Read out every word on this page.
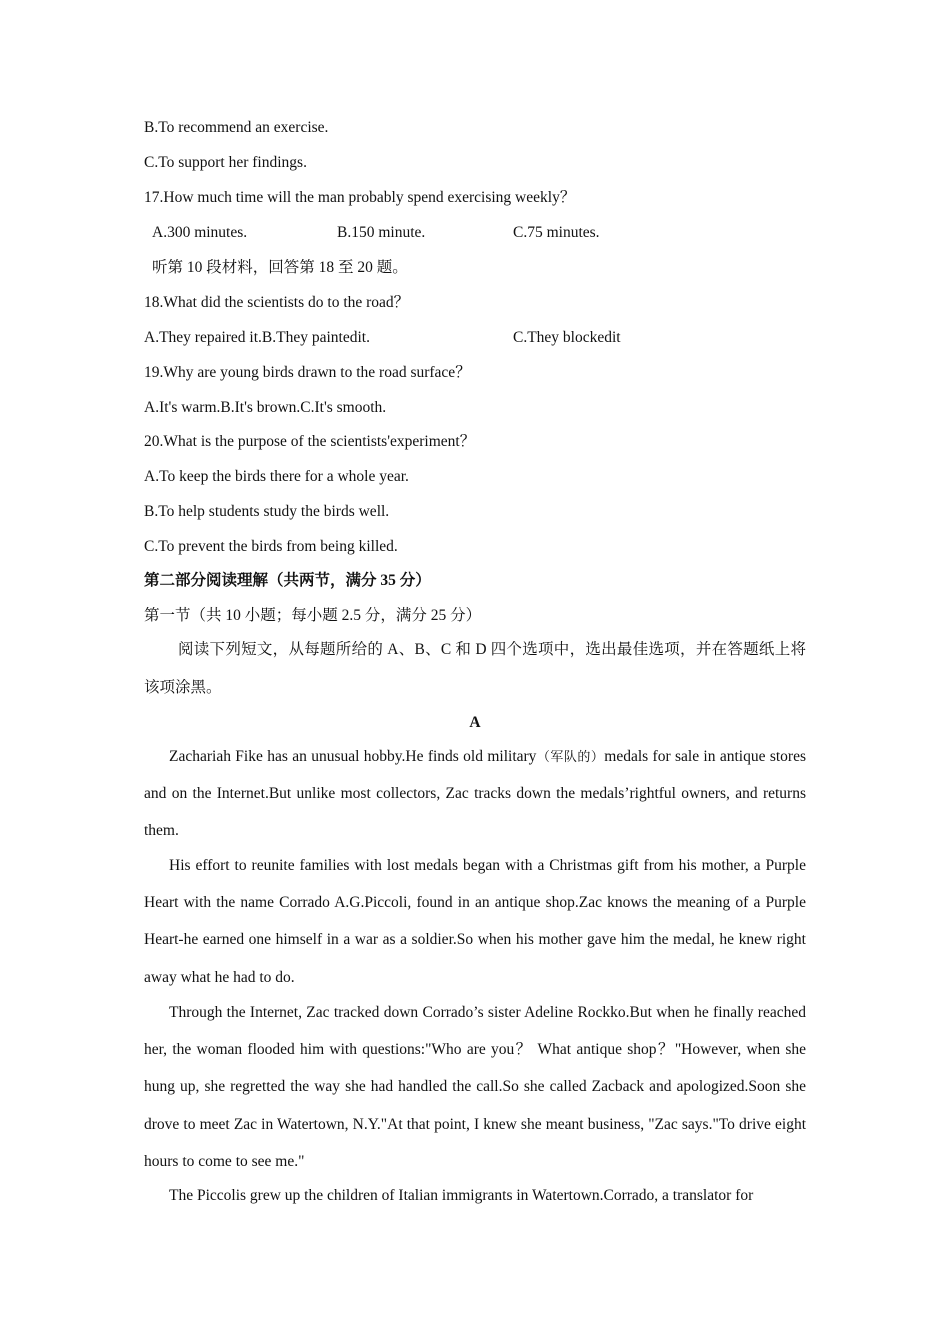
B.To recommend an exercise.
C.To support her findings.
17.How much time will the man probably spend exercising weekly？
A.300 minutes.	B.150 minute.	C.75 minutes.
听第 10 段材料，回答第 18 至 20 题。
18.What did the scientists do to the road？
A.They repaired it.B.They paintedit.	C.They blockedit
19.Why are young birds drawn to the road surface？
A.It's warm.B.It's brown.C.It's smooth.
20.What is the purpose of the scientists'experiment？
A.To keep the birds there for a whole year.
B.To help students study the birds well.
C.To prevent the birds from being killed.
第二部分阅读理解（共两节，满分 35 分）
第一节（共 10 小题；每小题 2.5 分，满分 25 分）

阅读下列短文，从每题所给的 A、B、C 和 D 四个选项中，选出最佳选项，并在答题纸上将该项涂黑。

A

Zachariah Fike has an unusual hobby.He finds old military（军队的）medals for sale in antique stores and on the Internet.But unlike most collectors, Zac tracks down the medals’rightful owners, and returns them.

His effort to reunite families with lost medals began with a Christmas gift from his mother, a Purple Heart with the name Corrado A.G.Piccoli, found in an antique shop.Zac knows the meaning of a Purple Heart-he earned one himself in a war as a soldier.So when his mother gave him the medal, he knew right away what he had to do.

Through the Internet, Zac tracked down Corrado’s sister Adeline Rockko.But when he finally reached her, the woman flooded him with questions:"Who are you？ What antique shop？"However, when she hung up, she regretted the way she had handled the call.So she called Zacback and apologized.Soon she drove to meet Zac in Watertown, N.Y."At that point, I knew she meant business, "Zac says."To drive eight hours to come to see me."

The Piccolis grew up the children of Italian immigrants in Watertown.Corrado, a translator for
